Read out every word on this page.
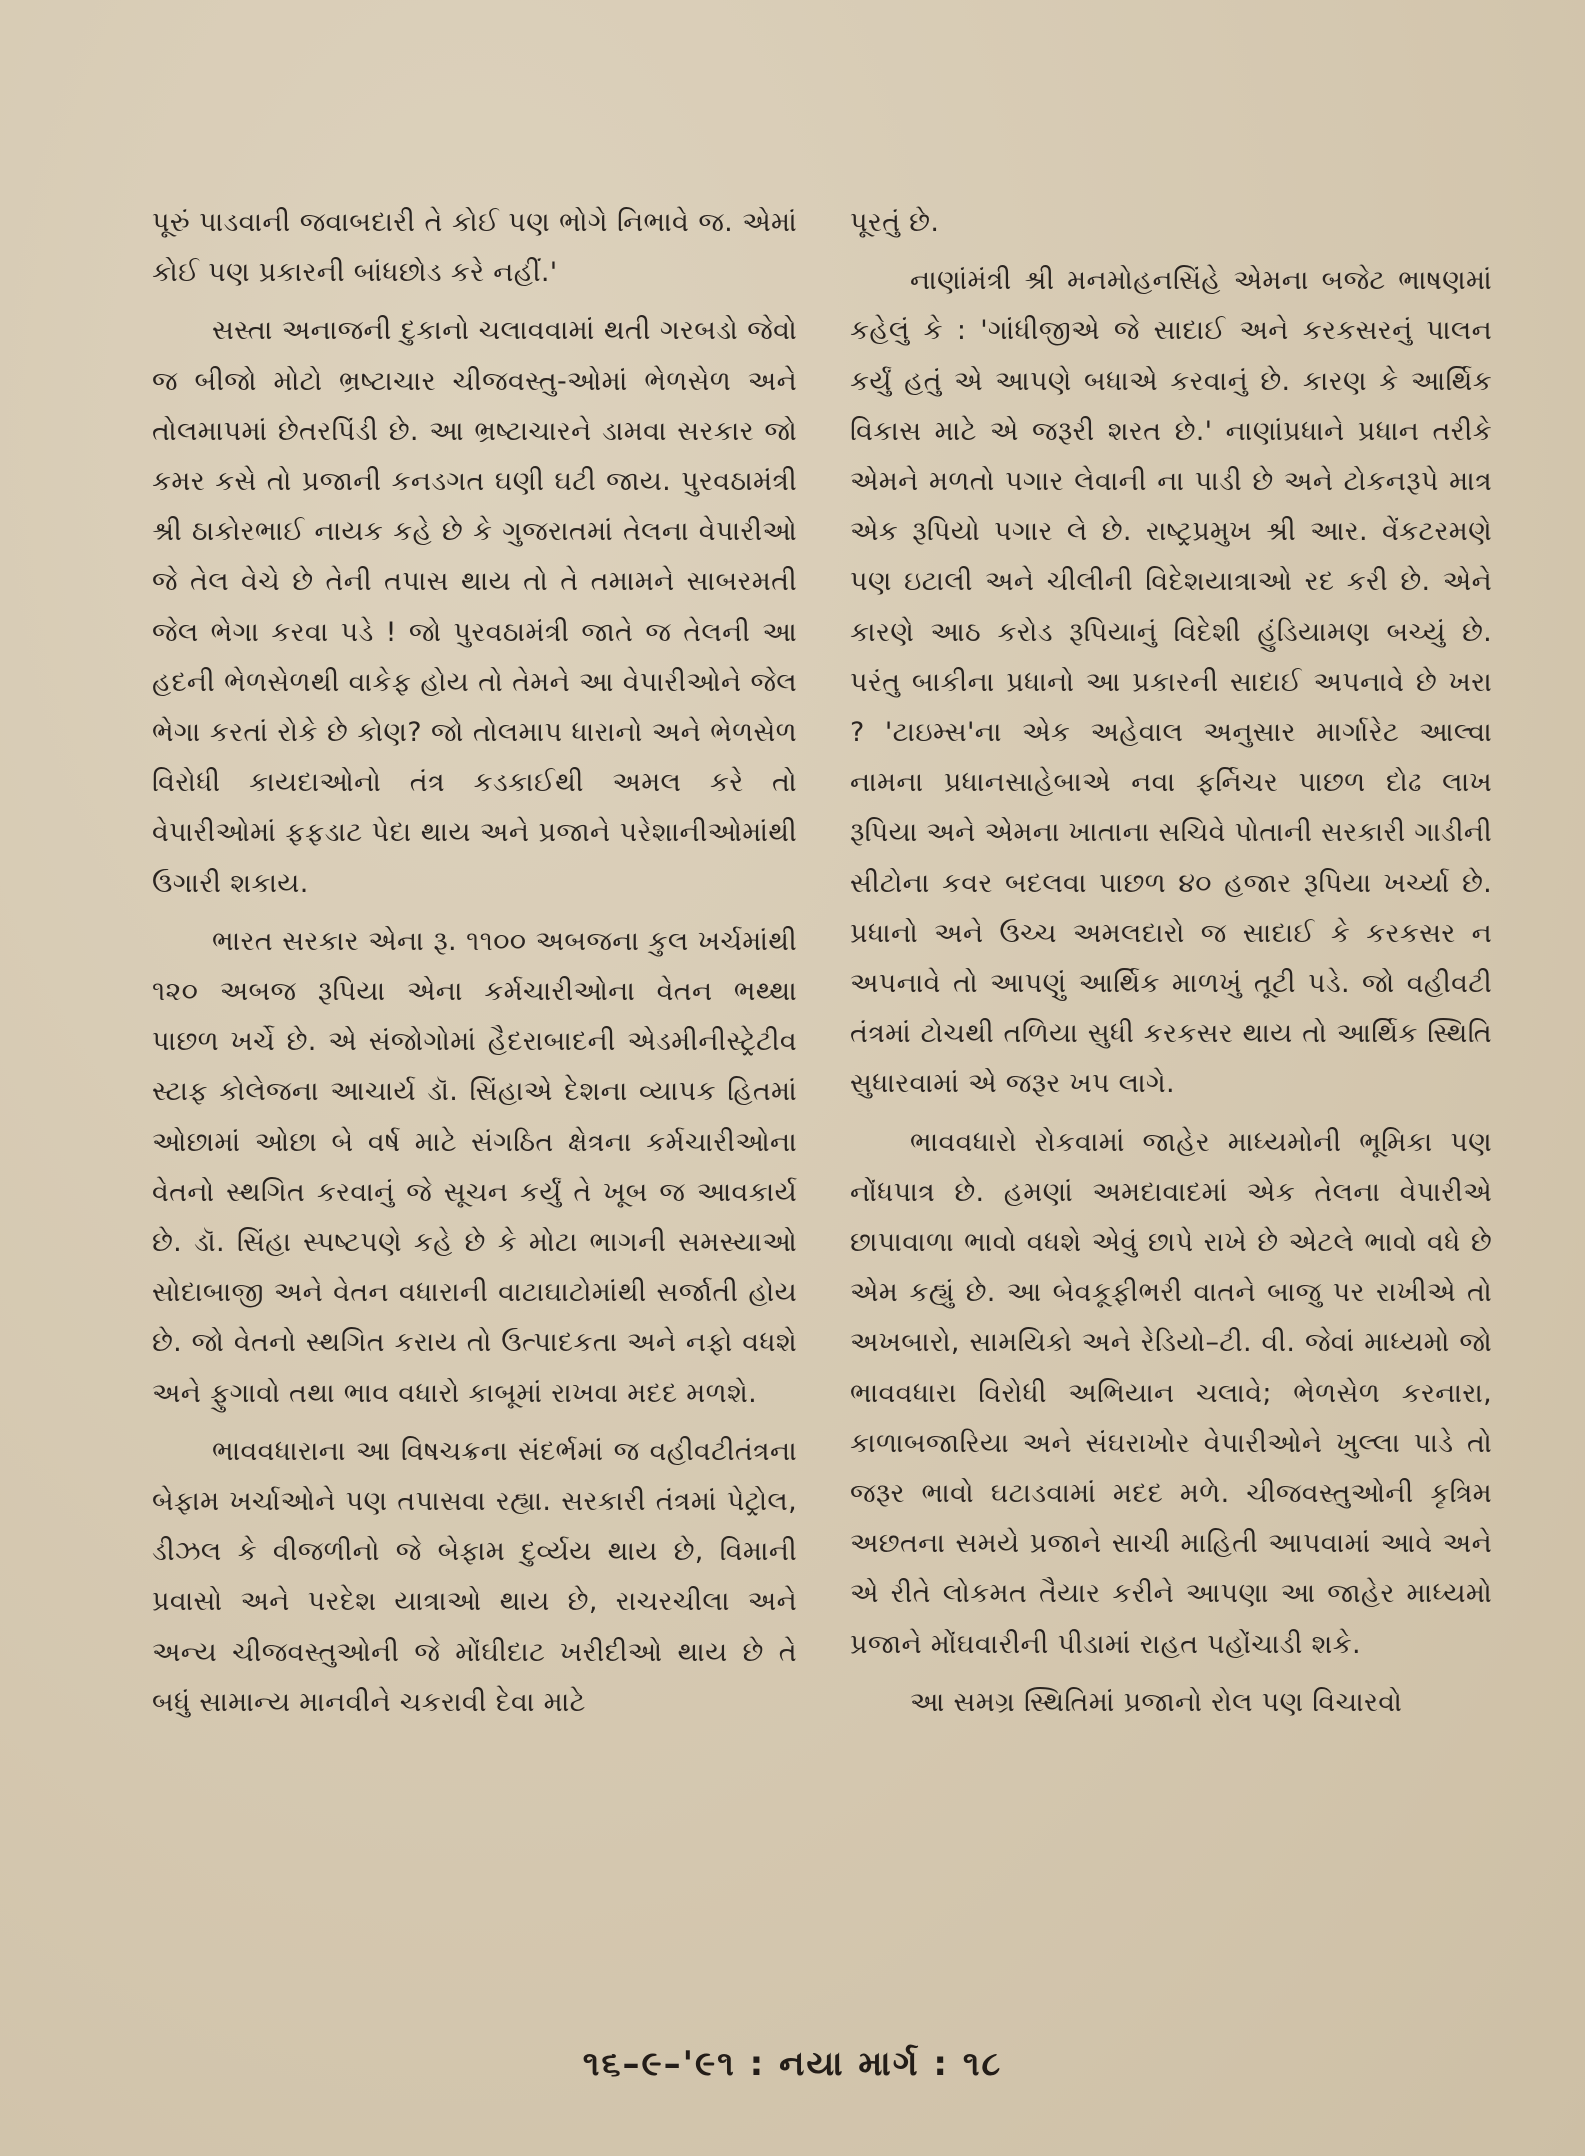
પૂરું પાડવાની જવાબદારી તે કોઈ પણ ભોગે નિભાવે જ. એમાં કોઈ પણ પ્રકારની બાંધછોડ કરે નહીં.'

સસ્તા અનાજની દુકાનો ચલાવવામાં થતી ગરબડો જેવો જ બીજો મોટો ભ્રષ્ટાચાર ચીજવસ્તુ-ઓમાં ભેળસેળ અને તોલમાપમાં છેતરપિંડી છે. આ ભ્રષ્ટાચારને ડામવા સરકાર જો કમર કસે તો પ્રજાની કનડગત ઘણી ઘટી જાય. પુરવઠામંત્રી શ્રી ઠાકોરભાઈ નાયક કહે છે કે ગુજરાતમાં તેલના વેપારીઓ જે તેલ વેચે છે તેની તપાસ થાય તો તે તમામને સાબરમતી જેલ ભેગા કરવા પડે ! જો પુરવઠામંત્રી જાતે જ તેલની આ હદની ભેળસેળથી વાકેફ હોય તો તેમને આ વેપારીઓને જેલ ભેગા કરતાં રોકે છે કોણ? જો તોલમાપ ધારાનો અને ભેળસેળ વિરોધી કાયદાઓનો તંત્ર કડકાઈથી અમલ કરે તો વેપારીઓમાં ફફડાટ પેદા થાય અને પ્રજાને પરેશાનીઓમાંથી ઉગારી શકાય.

ભારત સરકાર એના રૂ. ૧૧૦૦ અબજના કુલ ખર્ચમાંથી ૧૨૦ અબજ રૂપિયા એના કર્મચારીઓના વેતન ભથ્થા પાછળ ખર્ચે છે. એ સંજોગોમાં હૈદરાબાદની એડમીનીસ્ટ્રેટીવ સ્ટાફ કોલેજના આચાર્ય ડૉ. સિંહાએ દેશના વ્યાપક હિતમાં ઓછામાં ઓછા બે વર્ષ માટે સંગઠિત ક્ષેત્રના કર્મચારીઓના વેતનો સ્થગિત કરવાનું જે સૂચન કર્યું તે ખૂબ જ આવકાર્ય છે. ડૉ. સિંહા સ્પષ્ટપણે કહે છે કે મોટા ભાગની સમસ્યાઓ સોદાબાજી અને વેતન વધારાની વાટાઘાટોમાંથી સર્જાતી હોય છે. જો વેતનો સ્થગિત કરાય તો ઉત્પાદકતા અને નફો વધશે અને ફુગાવો તથા ભાવ વધારો કાબૂમાં રાખવા મદદ મળશે.

ભાવવધારાના આ વિષચક્રના સંદર્ભમાં જ વહીવટીતંત્રના બેફામ ખર્ચાઓને પણ તપાસવા રહ્યા. સરકારી તંત્રમાં પેટ્રોલ, ડીઝલ કે વીજળીનો જે બેફામ દુર્વ્યય થાય છે, વિમાની પ્રવાસો અને પરદેશ યાત્રાઓ થાય છે, રાચરચીલા અને અન્ય ચીજવસ્તુઓની જે મોંઘીદાટ ખરીદીઓ થાય છે તે બધું સામાન્ય માનવીને ચકરાવી દેવા માટે

પૂરતું છે.

નાણાંમંત્રી શ્રી મનમોહનસિંહે એમના બજેટ ભાષણમાં કહેલું કે : 'ગાંધીજીએ જે સાદાઈ અને કરકસરનું પાલન કર્યું હતું એ આપણે બધાએ કરવાનું છે. કારણ કે આર્થિક વિકાસ માટે એ જરૂરી શરત છે.' નાણાંપ્રધાને પ્રધાન તરીકે એમને મળતો પગાર લેવાની ના પાડી છે અને ટોકનરૂપે માત્ર એક રૂપિયો પગાર લે છે. રાષ્ટ્રપ્રમુખ શ્રી આર. વેંકટરમણે પણ ઇટાલી અને ચીલીની વિદેશયાત્રાઓ રદ કરી છે. એને કારણે આઠ કરોડ રૂપિયાનું વિદેશી હુંડિયામણ બચ્યું છે. પરંતુ બાકીના પ્રધાનો આ પ્રકારની સાદાઈ અપનાવે છે ખરા ? 'ટાઇમ્સ'ના એક અહેવાલ અનુસાર માર્ગારેટ આલ્વા નામના પ્રધાનસાહેબાએ નવા ફર્નિચર પાછળ દોઢ લાખ રૂપિયા અને એમના ખાતાના સચિવે પોતાની સરકારી ગાડીની સીટોના કવર બદલવા પાછળ ૪૦ હજાર રૂપિયા ખર્ચ્યા છે. પ્રધાનો અને ઉચ્ચ અમલદારો જ સાદાઈ કે કરકસર ન અપનાવે તો આપણું આર્થિક માળખું તૂટી પડે. જો વહીવટી તંત્રમાં ટોચથી તળિયા સુધી કરકસર થાય તો આર્થિક સ્થિતિ સુધારવામાં એ જરૂર ખપ લાગે.

ભાવવધારો રોકવામાં જાહેર માધ્યમોની ભૂમિકા પણ નોંધપાત્ર છે. હમણાં અમદાવાદમાં એક તેલના વેપારીએ છાપાવાળા ભાવો વધશે એવું છાપે રાખે છે એટલે ભાવો વધે છે એમ કહ્યું છે. આ બેવકૂફીભરી વાતને બાજુ પર રાખીએ તો અખબારો, સામયિકો અને રેડિયો–ટી. વી. જેવાં માધ્યમો જો ભાવવધારા વિરોધી અભિયાન ચલાવે; ભેળસેળ કરનારા, કાળાબજારિયા અને સંઘરાખોર વેપારીઓને ખુલ્લા પાડે તો જરૂર ભાવો ઘટાડવામાં મદદ મળે. ચીજવસ્તુઓની કૃત્રિમ અછતના સમયે પ્રજાને સાચી માહિતી આપવામાં આવે અને એ રીતે લોકમત તૈયાર કરીને આપણા આ જાહેર માધ્યમો પ્રજાને મોંઘવારીની પીડામાં રાહત પહોંચાડી શકે.

આ સમગ્ર સ્થિતિમાં પ્રજાનો રોલ પણ વિચારવો

૧૬–૯–'૯૧ : નયા માર્ગ : ૧૮
